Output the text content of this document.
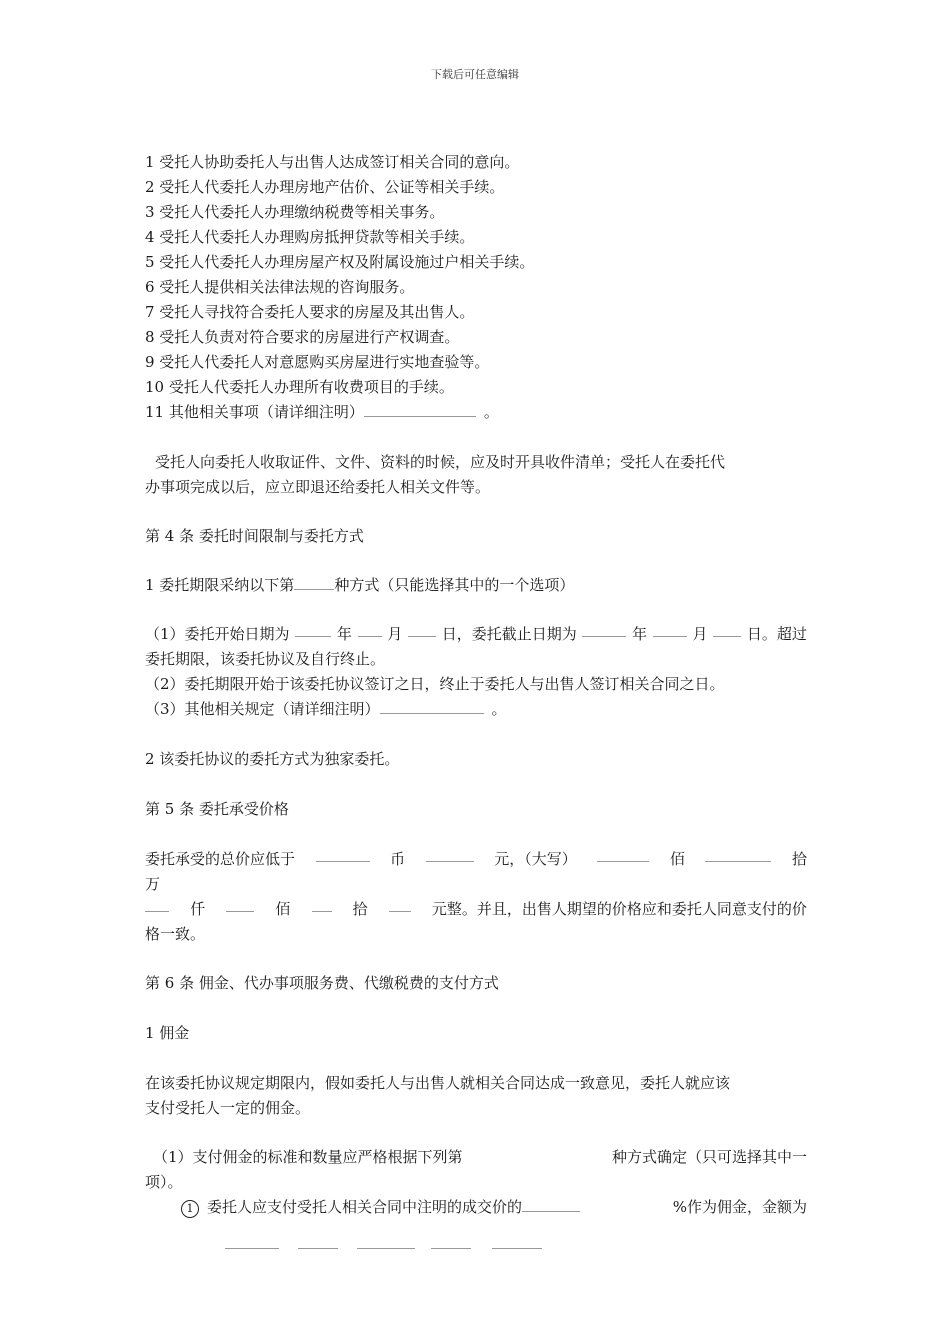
下载后可任意编辑
1 受托人协助委托人与出售人达成签订相关合同的意向。
2 受托人代委托人办理房地产估价、公证等相关手续。
3 受托人代委托人办理缴纳税费等相关事务。
4 受托人代委托人办理购房抵押贷款等相关手续。
5 受托人代委托人办理房屋产权及附属设施过户相关手续。
6 受托人提供相关法律法规的咨询服务。
7 受托人寻找符合委托人要求的房屋及其出售人。
8 受托人负责对符合要求的房屋进行产权调查。
9 受托人代委托人对意愿购买房屋进行实地查验等。
10 受托人代委托人办理所有收费项目的手续。
11 其他相关事项（请详细注明）	。
受托人向委托人收取证件、文件、资料的时候，应及时开具收件清单；受托人在委托代
办事项完成以后，应立即退还给委托人相关文件等。
第 4 条 委托时间限制与委托方式
1 委托期限采纳以下第	种方式（只能选择其中的一个选项）
（1）委托开始日期为	年 月	日，委托截止日期为	年	月	日。超过
委托期限，该委托协议及自行终止。
（2）委托期限开始于该委托协议签订之日，终止于委托人与出售人签订相关合同之日。
（3）其他相关规定（请详细注明）	。
2 该委托协议的委托方式为独家委托。
第 5 条 委托承受价格
委托承受的总价应低于	币	元，（大写）	佰	拾
万
仟	佰	拾	元整。并且，出售人期望的价格应和委托人同意支付的价
格一致。
第 6 条 佣金、代办事项服务费、代缴税费的支付方式
1 佣金
在该委托协议规定期限内，假如委托人与出售人就相关合同达成一致意见，委托人就应该
支付受托人一定的佣金。
（1）支付佣金的标准和数量应严格根据下列第	种方式确定（只可选择其中一
项）。
1 委托人应支付受托人相关合同中注明的成交价的	%作为佣金，金额为
